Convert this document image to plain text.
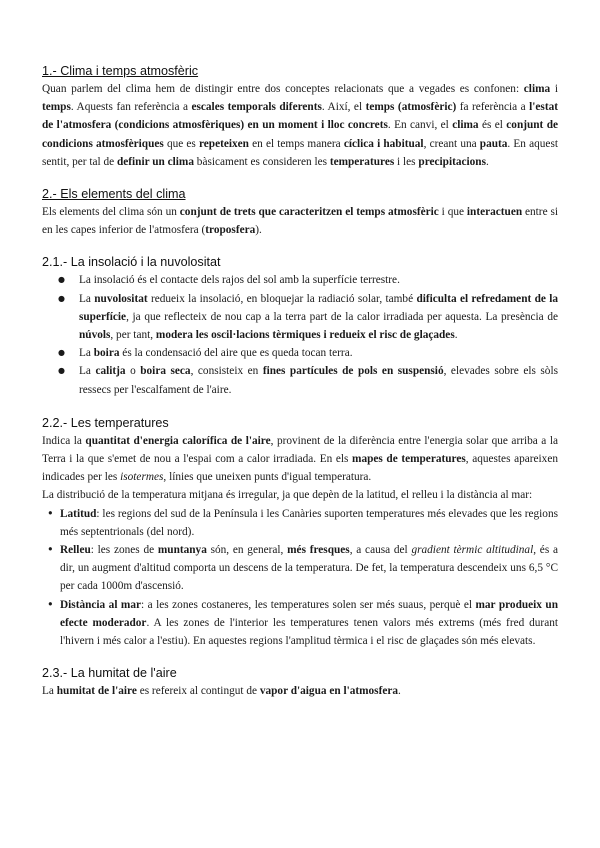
1.- Clima i temps atmosfèric

Quan parlem del clima hem de distingir entre dos conceptes relacionats que a vegades es confonen: clima i temps. Aquests fan referència a escales temporals diferents. Així, el temps (atmosfèric) fa referència a l'estat de l'atmosfera (condicions atmosfèriques) en un moment i lloc concrets. En canvi, el clima és el conjunt de condicions atmosfèriques que es repeteixen en el temps manera cíclica i habitual, creant una pauta. En aquest sentit, per tal de definir un clima bàsicament es consideren les temperatures i les precipitacions.

2.- Els elements del clima

Els elements del clima són un conjunt de trets que caracteritzen el temps atmosfèric i que interactuen entre si en les capes inferior de l'atmosfera (troposfera).

2.1.- La insolació i la nuvolositat
● La insolació és el contacte dels rajos del sol amb la superfície terrestre.
● La nuvolositat redueix la insolació, en bloquejar la radiació solar, també dificulta el refredament de la superfície, ja que reflecteix de nou cap a la terra part de la calor irradiada per aquesta. La presència de núvols, per tant, modera les oscil·lacions tèrmiques i redueix el risc de glaçades.
● La boira és la condensació del aire que es queda tocan terra.
● La calitja o boira seca, consisteix en fines partícules de pols en suspensió, elevades sobre els sòls ressecs per l'escalfament de l'aire.
2.2.- Les temperatures

Indica la quantitat d'energia calorífica de l'aire, provinent de la diferència entre l'energia solar que arriba a la Terra i la que s'emet de nou a l'espai com a calor irradiada. En els mapes de temperatures, aquestes apareixen indicades per les isotermes, línies que uneixen punts d'igual temperatura.

La distribució de la temperatura mitjana és irregular, ja que depèn de la latitud, el relleu i la distància al mar:

• Latitud: les regions del sud de la Península i les Canàries suporten temperatures més elevades que les regions més septentrionals (del nord).
• Relleu: les zones de muntanya són, en general, més fresques, a causa del gradient tèrmic altitudinal, és a dir, un augment d'altitud comporta un descens de la temperatura. De fet, la temperatura descendeix uns 6,5 °C per cada 1000m d'ascensió.
• Distància al mar: a les zones costaneres, les temperatures solen ser més suaus, perquè el mar produeix un efecte moderador. A les zones de l'interior les temperatures tenen valors més extrems (més fred durant l'hivern i més calor a l'estiu). En aquestes regions l'amplitud tèrmica i el risc de glaçades són més elevats.
2.3.- La humitat de l'aire

La humitat de l'aire es refereix al contingut de vapor d'aigua en l'atmosfera.
